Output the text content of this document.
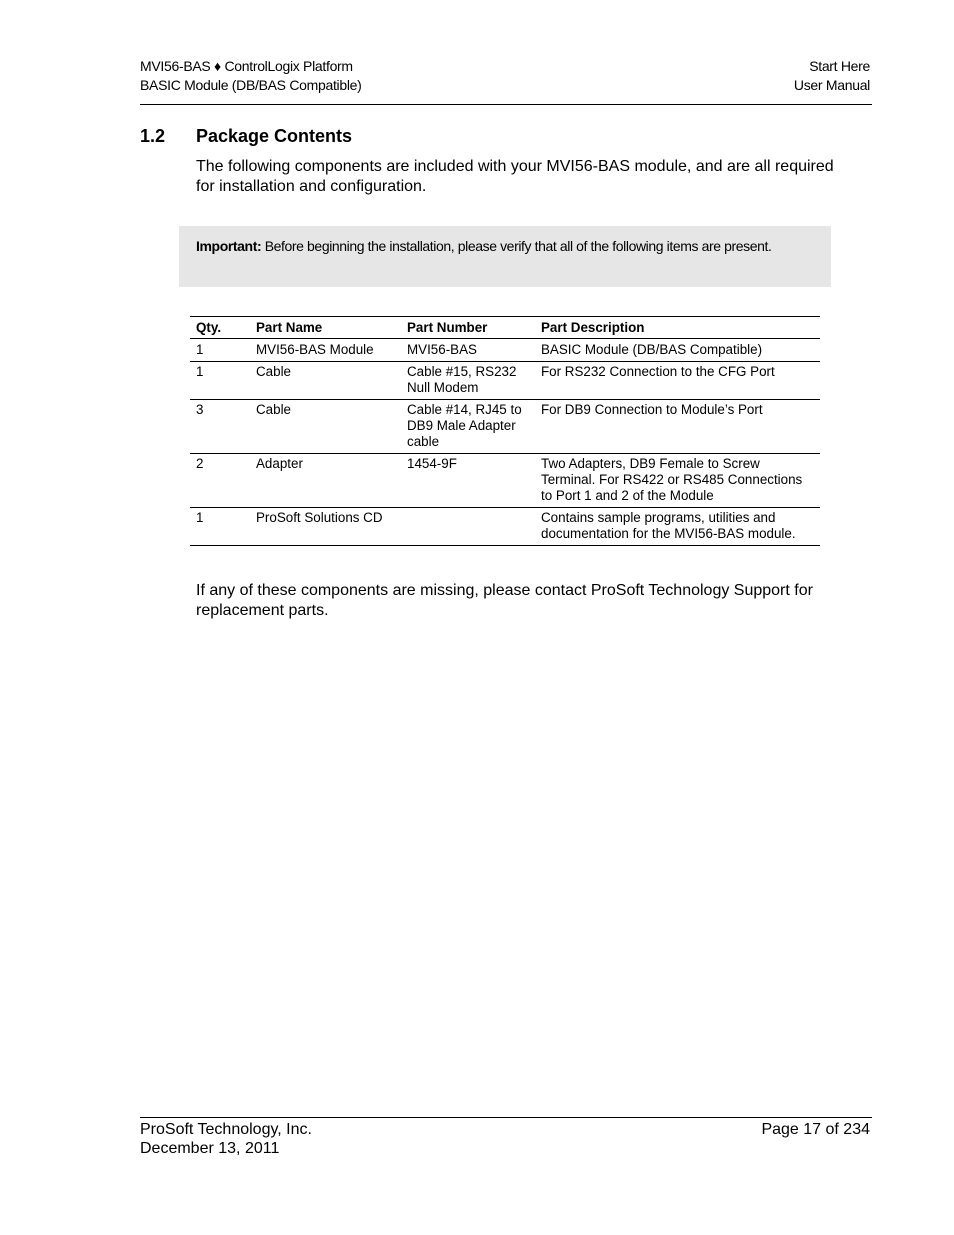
MVI56-BAS ♦ ControlLogix Platform
BASIC Module (DB/BAS Compatible)
Start Here
User Manual
1.2 Package Contents
The following components are included with your MVI56-BAS module, and are all required for installation and configuration.
Important: Before beginning the installation, please verify that all of the following items are present.
Qty.	Part Name	Part Number	Part Description
1	MVI56-BAS Module	MVI56-BAS	BASIC Module (DB/BAS Compatible)
1	Cable	Cable #15, RS232 Null Modem	For RS232 Connection to the CFG Port
3	Cable	Cable #14, RJ45 to DB9 Male Adapter cable	For DB9 Connection to Module’s Port
2	Adapter	1454-9F	Two Adapters, DB9 Female to Screw Terminal. For RS422 or RS485 Connections to Port 1 and 2 of the Module
1	ProSoft Solutions CD		Contains sample programs, utilities and documentation for the MVI56-BAS module.
If any of these components are missing, please contact ProSoft Technology Support for replacement parts.
ProSoft Technology, Inc.
December 13, 2011
Page 17 of 234
